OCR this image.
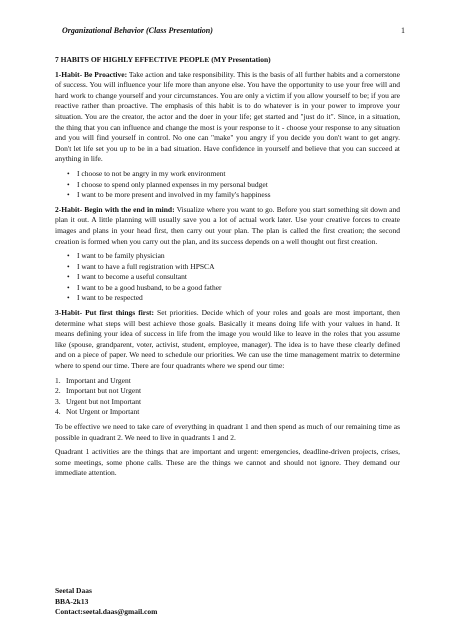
Organizational Behavior (Class Presentation)	1
7 HABITS OF HIGHLY EFFECTIVE PEOPLE (MY Presentation)
1-Habit- Be Proactive: Take action and take responsibility. This is the basis of all further habits and a cornerstone of success. You will influence your life more than anyone else. You have the opportunity to use your free will and hard work to change yourself and your circumstances. You are only a victim if you allow yourself to be; if you are reactive rather than proactive. The emphasis of this habit is to do whatever is in your power to improve your situation. You are the creator, the actor and the doer in your life; get started and "just do it". Since, in a situation, the thing that you can influence and change the most is your response to it - choose your response to any situation and you will find yourself in control. No one can "make" you angry if you decide you don't want to get angry. Don't let life set you up to be in a bad situation. Have confidence in yourself and believe that you can succeed at anything in life.
• I choose to not be angry in my work environment
• I choose to spend only planned expenses in my personal budget
• I want to be more present and involved in my family's happiness
2-Habit- Begin with the end in mind: Visualize where you want to go. Before you start something sit down and plan it out. A little planning will usually save you a lot of actual work later. Use your creative forces to create images and plans in your head first, then carry out your plan. The plan is called the first creation; the second creation is formed when you carry out the plan, and its success depends on a well thought out first creation.
• I want to be family physician
• I want to have a full registration with HPSCA
• I want to become a useful consultant
• I want to be a good husband, to be a good father
• I want to be respected
3-Habit- Put first things first: Set priorities. Decide which of your roles and goals are most important, then determine what steps will best achieve those goals. Basically it means doing life with your values in hand. It means defining your idea of success in life from the image you would like to leave in the roles that you assume like (spouse, grandparent, voter, activist, student, employee, manager). The idea is to have these clearly defined and on a piece of paper. We need to schedule our priorities. We can use the time management matrix to determine where to spend our time. There are four quadrants where we spend our time:
1. Important and Urgent
2. Important but not Urgent
3. Urgent but not Important
4. Not Urgent or Important
To be effective we need to take care of everything in quadrant 1 and then spend as much of our remaining time as possible in quadrant 2. We need to live in quadrants 1 and 2.
Quadrant 1 activities are the things that are important and urgent: emergencies, deadline-driven projects, crises, some meetings, some phone calls. These are the things we cannot and should not ignore. They demand our immediate attention.
Seetal Daas
BBA-2k13
Contact:seetal.daas@gmail.com
